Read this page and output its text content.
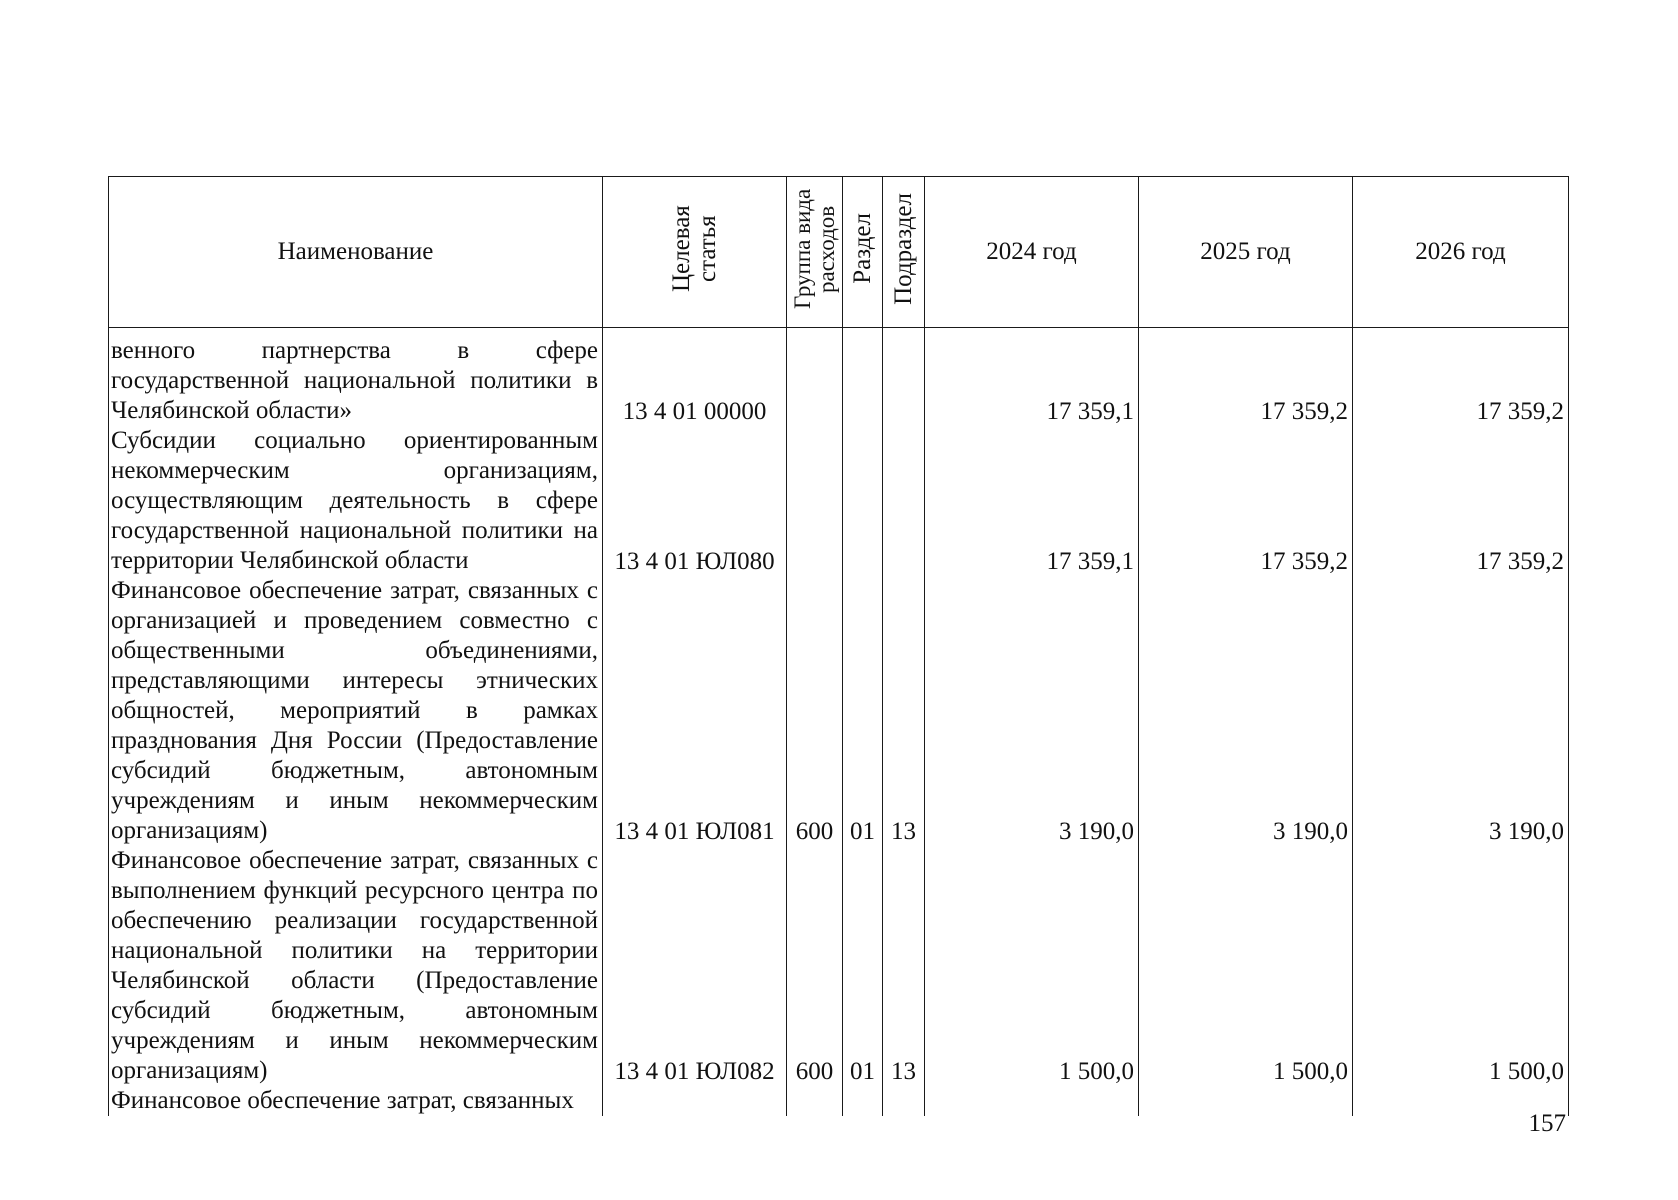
Наименование	Целевая статья	Группа вида расходов	Раздел	Подраздел	2024 год	2025 год	2026 год
венного партнерства в сфере государственной национальной политики в Челябинской области»	13 4 01 00000				17 359,1	17 359,2	17 359,2
Субсидии социально ориентированным некоммерческим организациям, осуществляющим деятельность в сфере государственной национальной политики на территории Челябинской области	13 4 01 ЮЛ080				17 359,1	17 359,2	17 359,2
Финансовое обеспечение затрат, связанных с организацией и проведением совместно с общественными объединениями, представляющими интересы этнических общностей, мероприятий в рамках празднования Дня России (Предоставление субсидий бюджетным, автономным учреждениям и иным некоммерческим организациям)	13 4 01 ЮЛ081	600	01	13	3 190,0	3 190,0	3 190,0
Финансовое обеспечение затрат, связанных с выполнением функций ресурсного центра по обеспечению реализации государственной национальной политики на территории Челябинской области (Предоставление субсидий бюджетным, автономным учреждениям и иным некоммерческим организациям)	13 4 01 ЮЛ082	600	01	13	1 500,0	1 500,0	1 500,0
Финансовое обеспечение затрат, связанных							
157
